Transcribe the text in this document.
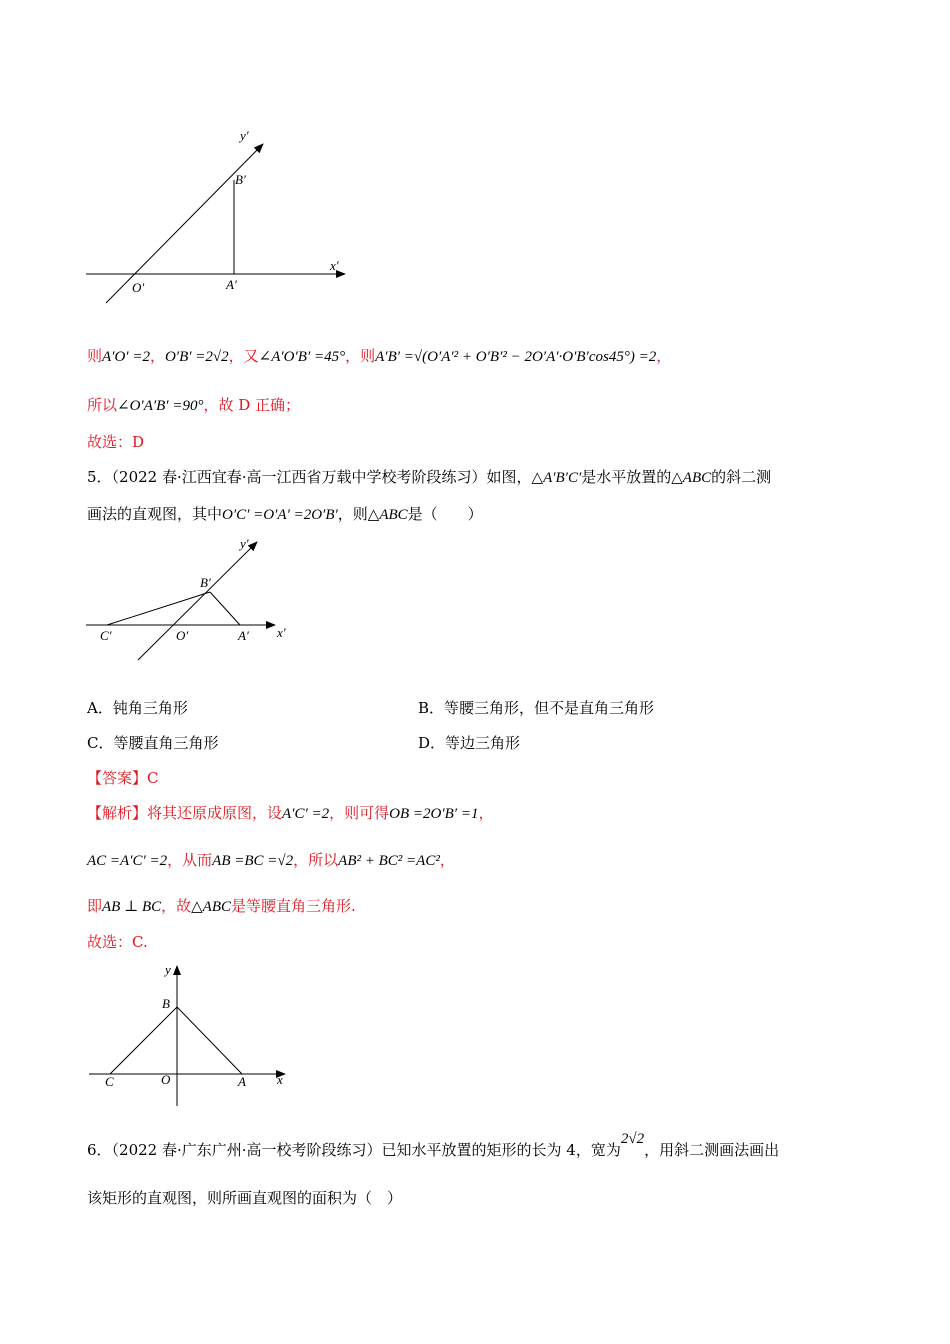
y′
x′
B′
O′	A′
则A′O′ =2，O′B′ =2√2，又∠A′O′B′ =45°，则A′B′ =√(O′A′² + O′B′² − 2O′A′·O′B′cos45°) =2，
所以∠O′A′B′ =90°，故 D 正确；
故选：D
5．（2022 春·江西宜春·高一江西省万载中学校考阶段练习）如图，△A′B′C′是水平放置的△ABC的斜二测
画法的直观图，其中O′C′ =O′A′ =2O′B′，则△ABC是（　　）
y′
B′
C′	O′	A′ x′
A．钝角三角形	B．等腰三角形，但不是直角三角形
C．等腰直角三角形	D．等边三角形
【答案】C
【解析】将其还原成原图，设A′C′ =2，则可得OB =2O′B′ =1，
AC =A′C′ =2，从而AB =BC =√2，所以AB² + BC² =AC²，
即AB ⊥ BC，故△ABC是等腰直角三角形.
故选：C.
y
B
C	O	A x
6．（2022 春·广东广州·高一校考阶段练习）已知水平放置的矩形的长为 4，宽为2√2，用斜二测画法画出
该矩形的直观图，则所画直观图的面积为（　）
